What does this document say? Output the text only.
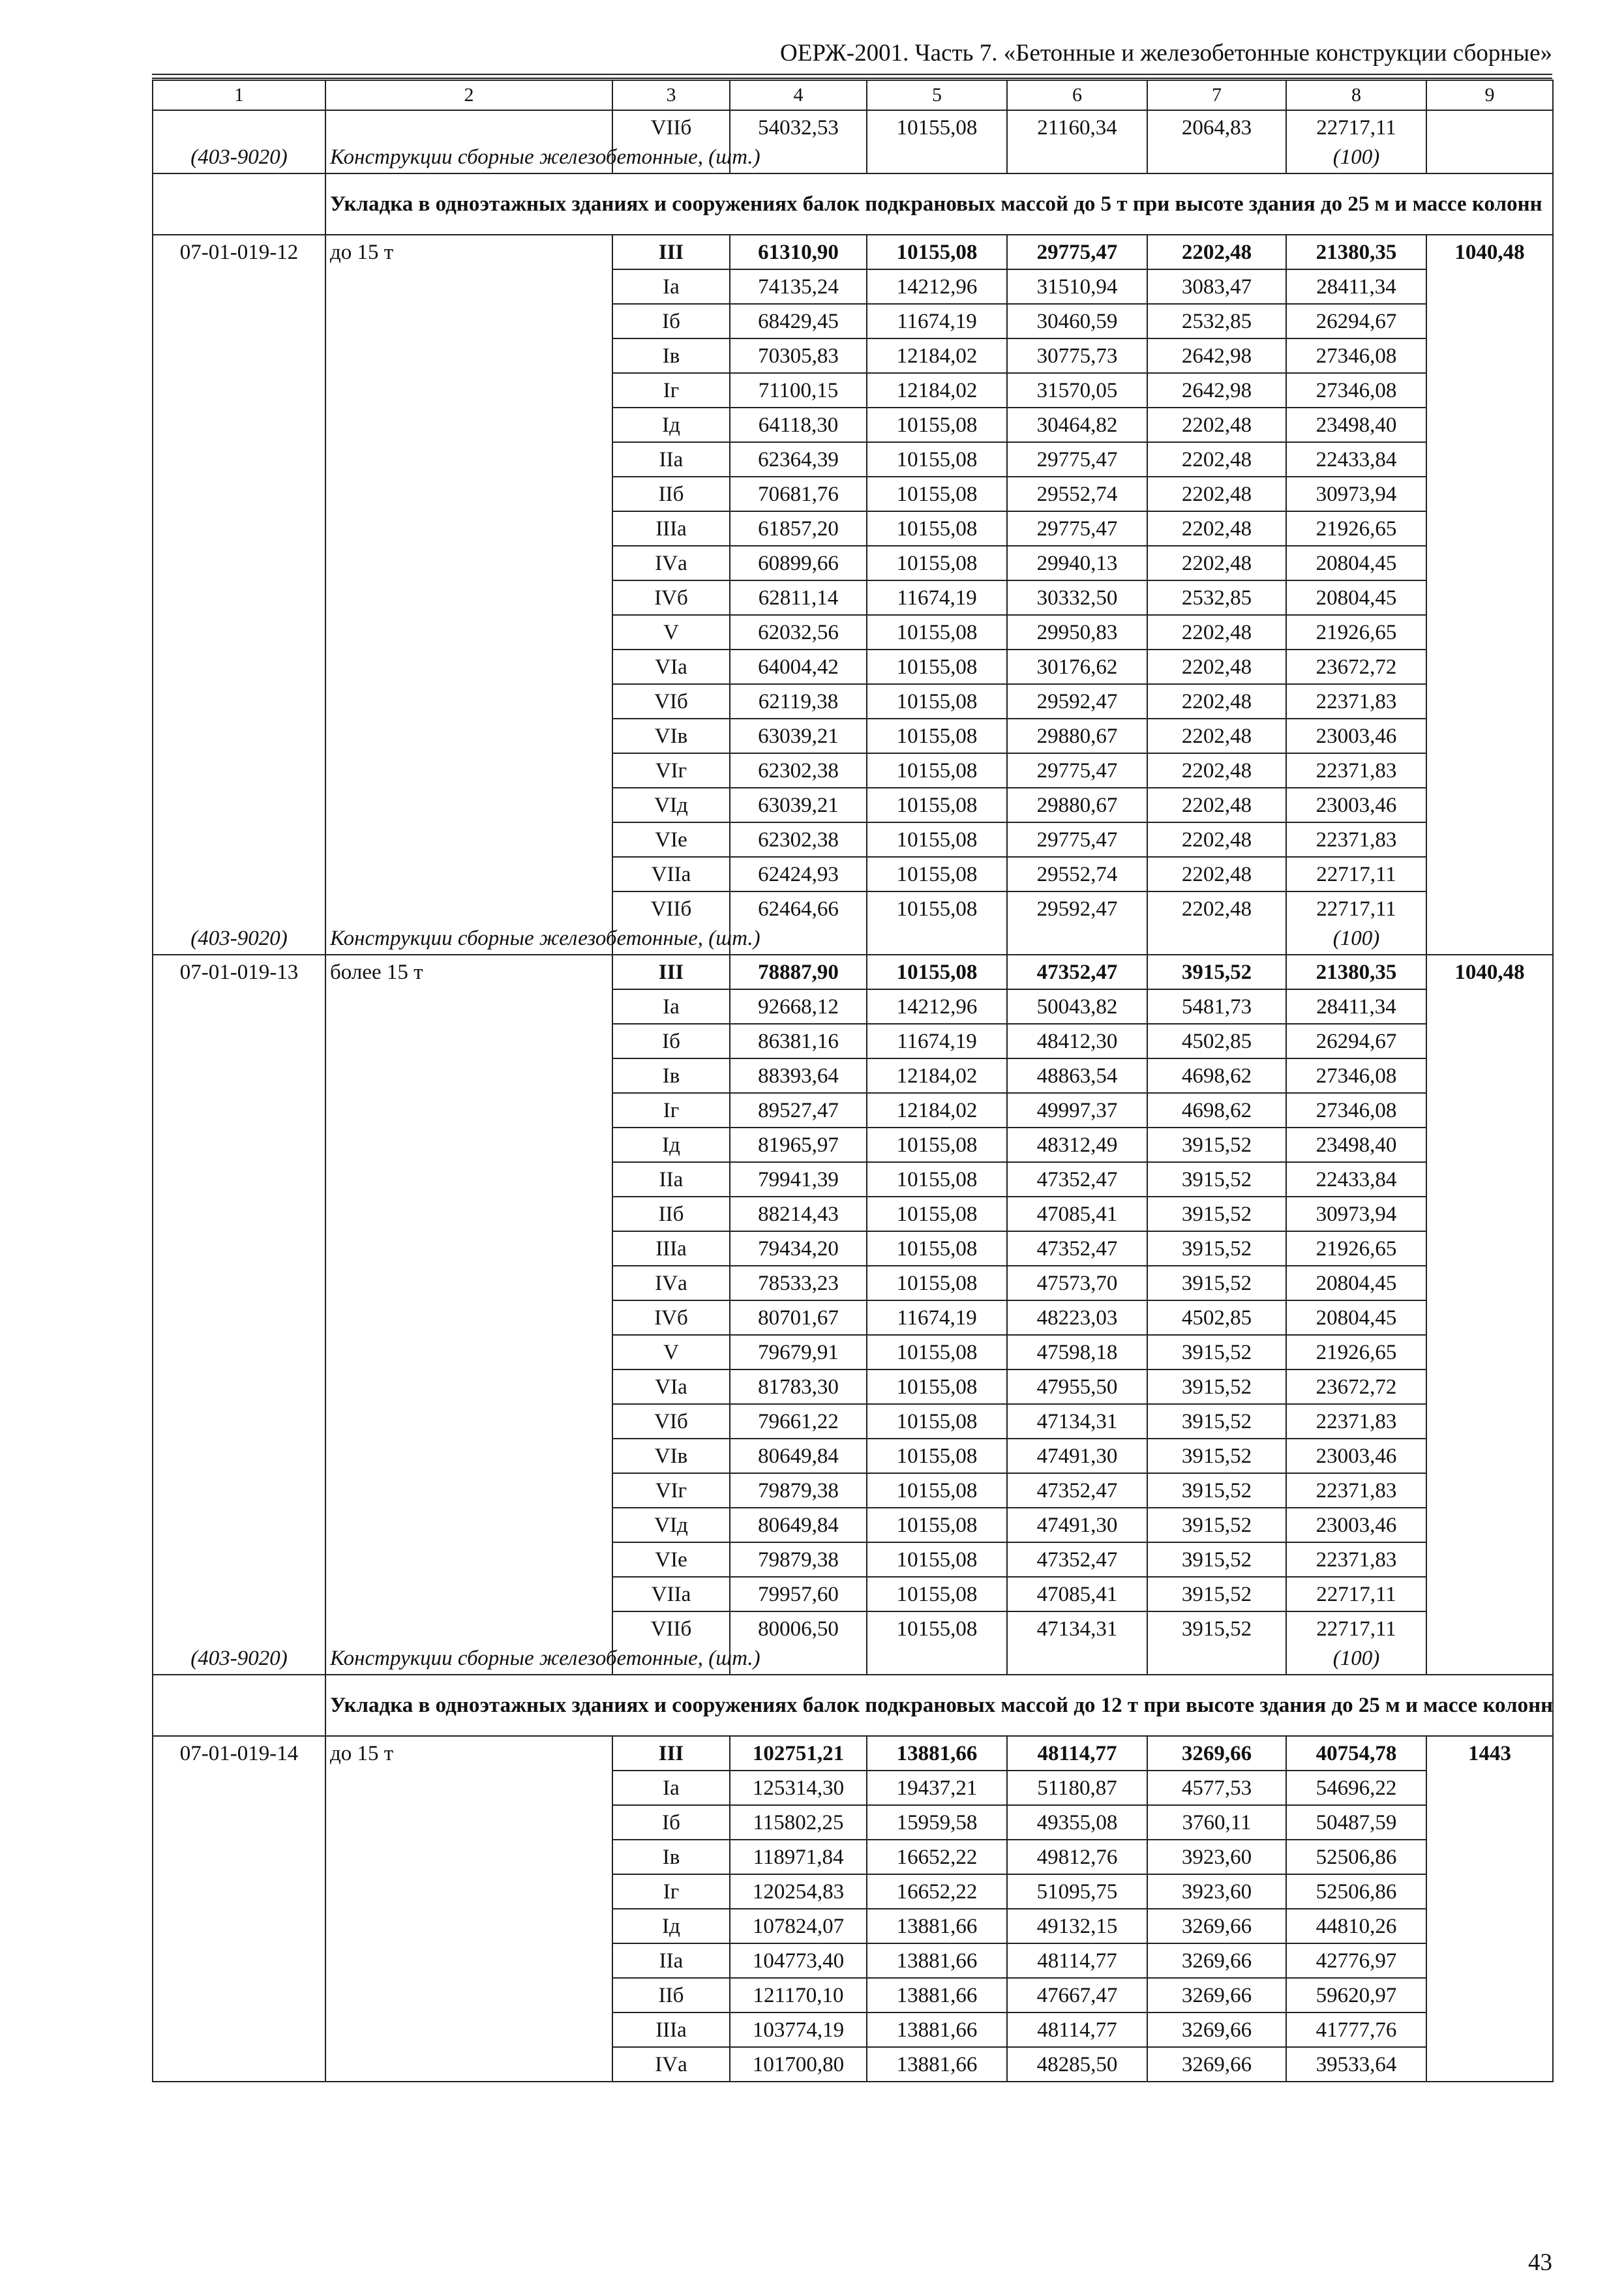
ОЕРЖ-2001. Часть 7. «Бетонные и железобетонные конструкции сборные»
1	2	3	4	5	6	7	8	9
		VIIб	54032,53	10155,08	21160,34	2064,83	22717,11	
(403-9020)	Конструкции сборные железобетонные, (шт.)						(100)	
	Укладка в одноэтажных зданиях и сооружениях балок подкрановых массой до 5 т при высоте здания до 25 м и массе колонн							
07-01-019-12	до 15 т	III	61310,90	10155,08	29775,47	2202,48	21380,35	1040,48
		Iа	74135,24	14212,96	31510,94	3083,47	28411,34	
		Iб	68429,45	11674,19	30460,59	2532,85	26294,67	
		Iв	70305,83	12184,02	30775,73	2642,98	27346,08	
		Iг	71100,15	12184,02	31570,05	2642,98	27346,08	
		Iд	64118,30	10155,08	30464,82	2202,48	23498,40	
		IIа	62364,39	10155,08	29775,47	2202,48	22433,84	
		IIб	70681,76	10155,08	29552,74	2202,48	30973,94	
		IIIа	61857,20	10155,08	29775,47	2202,48	21926,65	
		IVа	60899,66	10155,08	29940,13	2202,48	20804,45	
		IVб	62811,14	11674,19	30332,50	2532,85	20804,45	
		V	62032,56	10155,08	29950,83	2202,48	21926,65	
		VIа	64004,42	10155,08	30176,62	2202,48	23672,72	
		VIб	62119,38	10155,08	29592,47	2202,48	22371,83	
		VIв	63039,21	10155,08	29880,67	2202,48	23003,46	
		VIг	62302,38	10155,08	29775,47	2202,48	22371,83	
		VIд	63039,21	10155,08	29880,67	2202,48	23003,46	
		VIе	62302,38	10155,08	29775,47	2202,48	22371,83	
		VIIа	62424,93	10155,08	29552,74	2202,48	22717,11	
		VIIб	62464,66	10155,08	29592,47	2202,48	22717,11	
(403-9020)	Конструкции сборные железобетонные, (шт.)						(100)	
07-01-019-13	более 15 т	III	78887,90	10155,08	47352,47	3915,52	21380,35	1040,48
		Iа	92668,12	14212,96	50043,82	5481,73	28411,34	
		Iб	86381,16	11674,19	48412,30	4502,85	26294,67	
		Iв	88393,64	12184,02	48863,54	4698,62	27346,08	
		Iг	89527,47	12184,02	49997,37	4698,62	27346,08	
		Iд	81965,97	10155,08	48312,49	3915,52	23498,40	
		IIа	79941,39	10155,08	47352,47	3915,52	22433,84	
		IIб	88214,43	10155,08	47085,41	3915,52	30973,94	
		IIIа	79434,20	10155,08	47352,47	3915,52	21926,65	
		IVа	78533,23	10155,08	47573,70	3915,52	20804,45	
		IVб	80701,67	11674,19	48223,03	4502,85	20804,45	
		V	79679,91	10155,08	47598,18	3915,52	21926,65	
		VIа	81783,30	10155,08	47955,50	3915,52	23672,72	
		VIб	79661,22	10155,08	47134,31	3915,52	22371,83	
		VIв	80649,84	10155,08	47491,30	3915,52	23003,46	
		VIг	79879,38	10155,08	47352,47	3915,52	22371,83	
		VIд	80649,84	10155,08	47491,30	3915,52	23003,46	
		VIе	79879,38	10155,08	47352,47	3915,52	22371,83	
		VIIа	79957,60	10155,08	47085,41	3915,52	22717,11	
		VIIб	80006,50	10155,08	47134,31	3915,52	22717,11	
(403-9020)	Конструкции сборные железобетонные, (шт.)						(100)	
	Укладка в одноэтажных зданиях и сооружениях балок подкрановых массой до 12 т при высоте здания до 25 м и массе колонн							
07-01-019-14	до 15 т	III	102751,21	13881,66	48114,77	3269,66	40754,78	1443
		Iа	125314,30	19437,21	51180,87	4577,53	54696,22	
		Iб	115802,25	15959,58	49355,08	3760,11	50487,59	
		Iв	118971,84	16652,22	49812,76	3923,60	52506,86	
		Iг	120254,83	16652,22	51095,75	3923,60	52506,86	
		Iд	107824,07	13881,66	49132,15	3269,66	44810,26	
		IIа	104773,40	13881,66	48114,77	3269,66	42776,97	
		IIб	121170,10	13881,66	47667,47	3269,66	59620,97	
		IIIа	103774,19	13881,66	48114,77	3269,66	41777,76	
		IVа	101700,80	13881,66	48285,50	3269,66	39533,64	
43
